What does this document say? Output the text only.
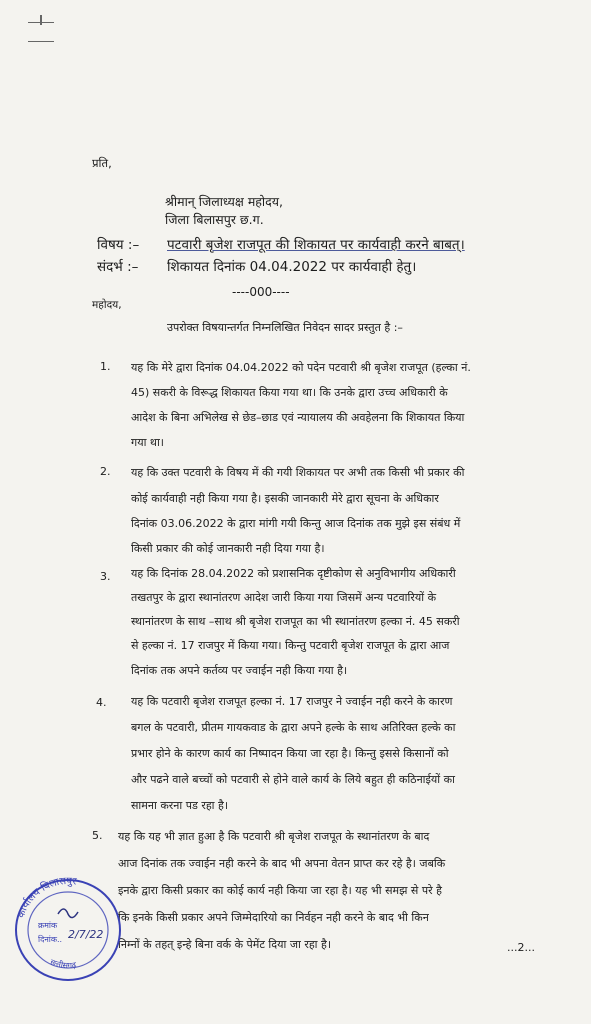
प्रति,
श्रीमान् जिलाध्यक्ष महोदय,
जिला बिलासपुर छ.ग.
विषय :– पटवारी बृजेश राजपूत की शिकायत पर कार्यवाही करने बाबत्।
संदर्भ :– शिकायत दिनांक 04.04.2022 पर कार्यवाही हेतु।
----000----
महोदय,
उपरोक्त विषयान्तर्गत निम्नलिखित निवेदन सादर प्रस्तुत है :–
1. यह कि मेरे द्वारा दिनांक 04.04.2022 को पदेन पटवारी श्री बृजेश राजपूत (हल्का नं.
45) सकरी के विरूद्ध शिकायत किया गया था। कि उनके द्वारा उच्च अधिकारी के
आदेश के बिना अभिलेख से छेड–छाड एवं न्यायालय की अवहेलना कि शिकायत किया
गया था।
2. यह कि उक्त पटवारी के विषय में की गयी शिकायत पर अभी तक किसी भी प्रकार की
कोई कार्यवाही नही किया गया है। इसकी जानकारी मेरे द्वारा सूचना के अधिकार
दिनांक 03.06.2022 के द्वारा मांगी गयी किन्तु आज दिनांक तक मुझे इस संबंध में
किसी प्रकार की कोई जानकारी नही दिया गया है।
3. यह कि दिनांक 28.04.2022 को प्रशासनिक दृष्टीकोण से अनुविभागीय अधिकारी
तखतपुर के द्वारा स्थानांतरण आदेश जारी किया गया जिसमें अन्य पटवारियों के
स्थानांतरण के साथ –साथ श्री बृजेश राजपूत का भी स्थानांतरण हल्का नं. 45 सकरी
से हल्का नं. 17 राजपुर में किया गया। किन्तु पटवारी बृजेश राजपूत के द्वारा आज
दिनांक तक अपने कर्तव्य पर ज्वाईन नही किया गया है।
4. यह कि पटवारी बृजेश राजपूत हल्का नं. 17 राजपुर ने ज्वाईन नही करने के कारण
बगल के पटवारी, प्रीतम गायकवाड के द्वारा अपने हल्के के साथ अतिरिक्त हल्के का
प्रभार होने के कारण कार्य का निष्पादन किया जा रहा है। किन्तु इससे किसानों को
और पढने वाले बच्चों को पटवारी से होने वाले कार्य के लिये बहुत ही कठिनाईयों का
सामना करना पड रहा है।
5. यह कि यह भी ज्ञात हुआ है कि पटवारी श्री बृजेश राजपूत के स्थानांतरण के बाद
आज दिनांक तक ज्वाईन नही करने के बाद भी अपना वेतन प्राप्त कर रहे है। जबकि
इनके द्वारा किसी प्रकार का कोई कार्य नही किया जा रहा है। यह भी समझ से परे है
कि इनके किसी प्रकार अपने जिम्मेदारियो का निर्वहन नही करने के बाद भी किन
निम्नों के तहत् इन्हे बिना वर्क के पेमेंट दिया जा रहा है।	...2...
कार्यालय बिलासपुर
छत्तीसगढ़
क्रमांक
दिनांक.. 2/7/22
